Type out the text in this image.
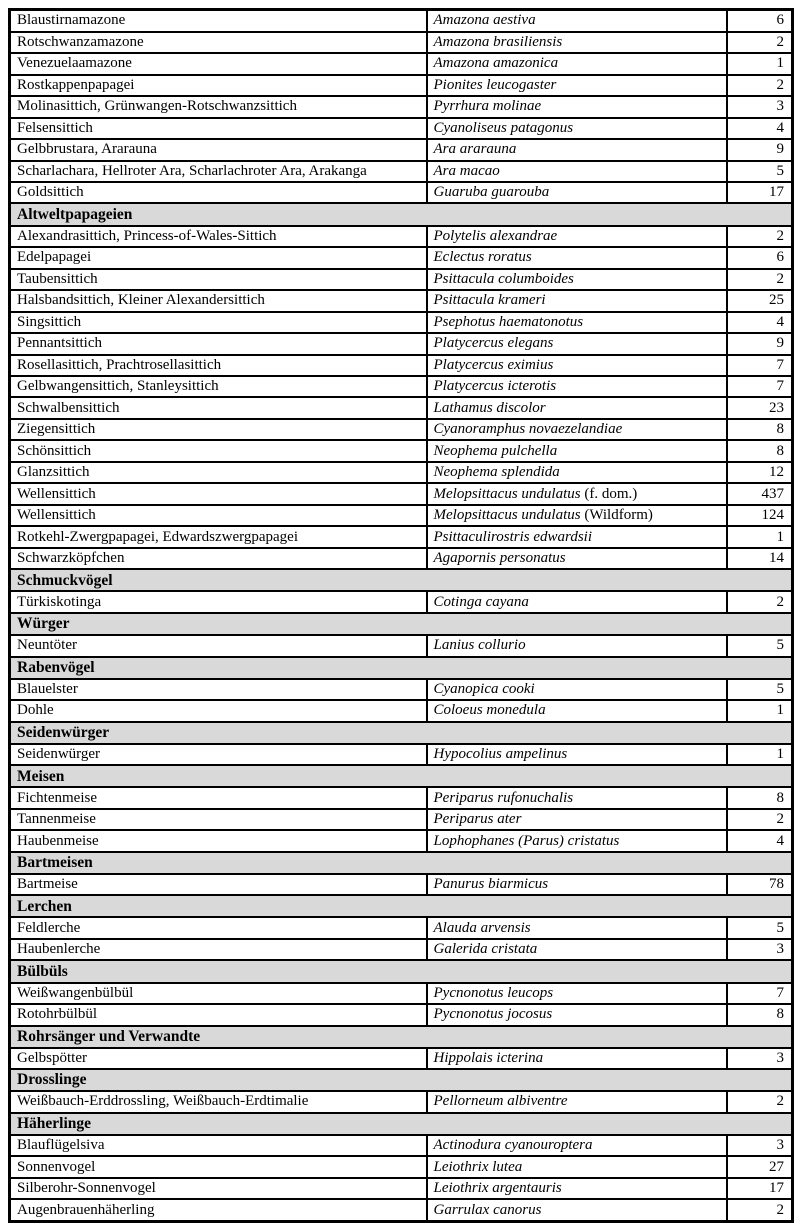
Blaustirnamazone	Amazona aestiva	6
Rotschwanzamazone	Amazona brasiliensis	2
Venezuelaamazone	Amazona amazonica	1
Rostkappenpapagei	Pionites leucogaster	2
Molinasittich, Grünwangen-Rotschwanzsittich	Pyrrhura molinae	3
Felsensittich	Cyanoliseus patagonus	4
Gelbbrustara, Ararauna	Ara ararauna	9
Scharlachara, Hellroter Ara, Scharlachroter Ara, Arakanga	Ara macao	5
Goldsittich	Guaruba guarouba	17
Altweltpapageien		
Alexandrasittich, Princess-of-Wales-Sittich	Polytelis alexandrae	2
Edelpapagei	Eclectus roratus	6
Taubensittich	Psittacula columboides	2
Halsbandsittich, Kleiner Alexandersittich	Psittacula krameri	25
Singsittich	Psephotus haematonotus	4
Pennantsittich	Platycercus elegans	9
Rosellasittich, Prachtrosellasittich	Platycercus eximius	7
Gelbwangensittich, Stanleysittich	Platycercus icterotis	7
Schwalbensittich	Lathamus discolor	23
Ziegensittich	Cyanoramphus novaezelandiae	8
Schönsittich	Neophema pulchella	8
Glanzsittich	Neophema splendida	12
Wellensittich	Melopsittacus undulatus (f. dom.)	437
Wellensittich	Melopsittacus undulatus (Wildform)	124
Rotkehl-Zwergpapagei, Edwardszwergpapagei	Psittaculirostris edwardsii	1
Schwarzköpfchen	Agapornis personatus	14
Schmuckvögel		
Türkiskotinga	Cotinga cayana	2
Würger		
Neuntöter	Lanius collurio	5
Rabenvögel		
Blauelster	Cyanopica cooki	5
Dohle	Coloeus monedula	1
Seidenwürger		
Seidenwürger	Hypocolius ampelinus	1
Meisen		
Fichtenmeise	Periparus rufonuchalis	8
Tannenmeise	Periparus ater	2
Haubenmeise	Lophophanes (Parus) cristatus	4
Bartmeisen		
Bartmeise	Panurus biarmicus	78
Lerchen		
Feldlerche	Alauda arvensis	5
Haubenlerche	Galerida cristata	3
Bülbüls		
Weißwangenbülbül	Pycnonotus leucops	7
Rotohrbülbül	Pycnonotus jocosus	8
Rohrsänger und Verwandte		
Gelbspötter	Hippolais icterina	3
Drosslinge		
Weißbauch-Erddrossling, Weißbauch-Erdtimalie	Pellorneum albiventre	2
Häherlinge		
Blauflügelsiva	Actinodura cyanouroptera	3
Sonnenvogel	Leiothrix lutea	27
Silberohr-Sonnenvogel	Leiothrix argentauris	17
Augenbrauenhäherling	Garrulax canorus	2
